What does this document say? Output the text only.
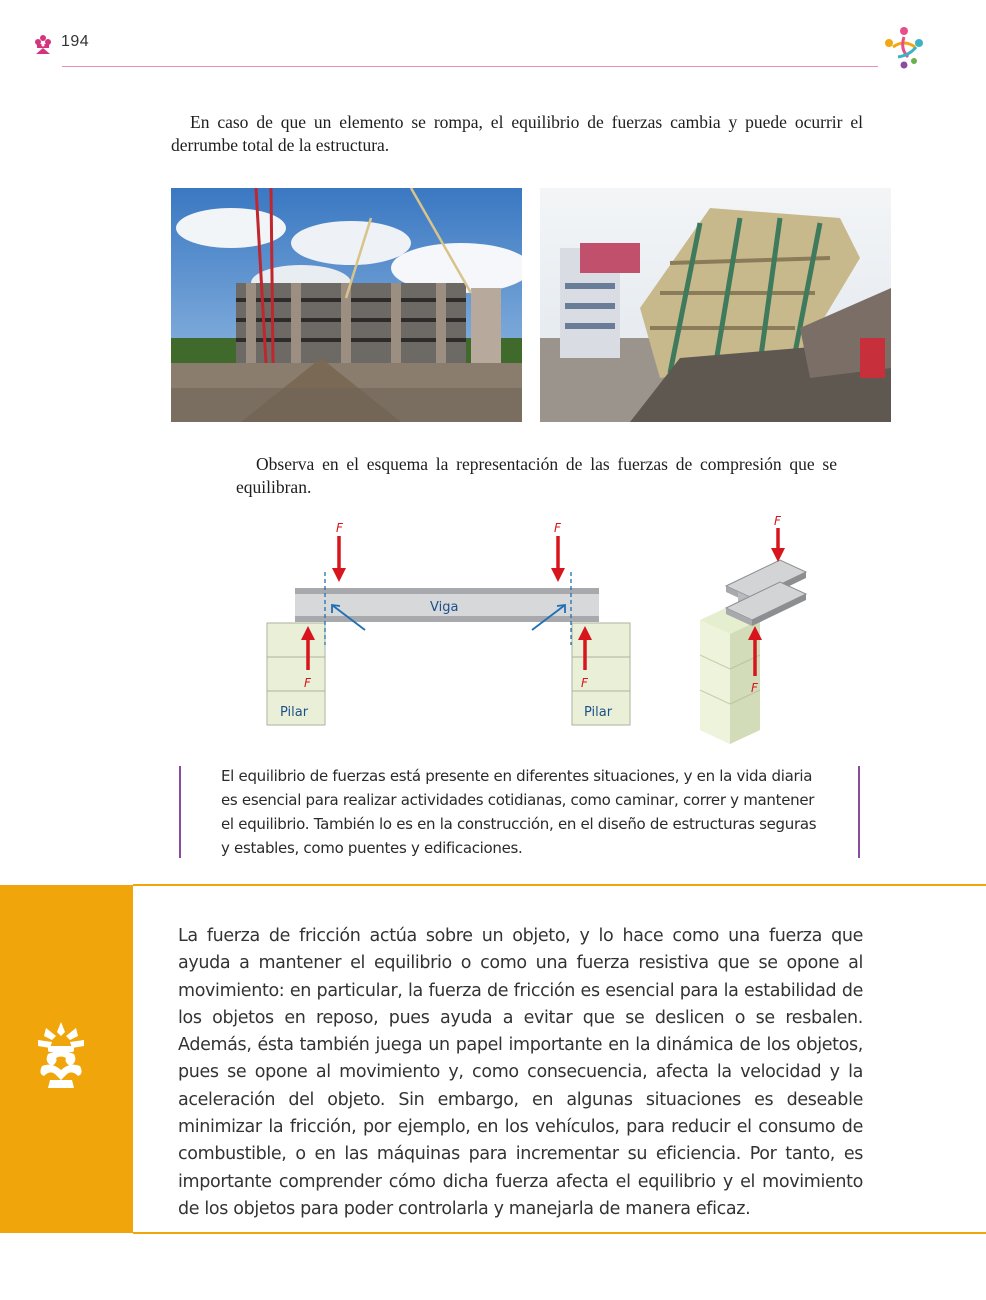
194

En caso de que un elemento se rompa, el equilibrio de fuerzas cambia y puede ocurrir el derrumbe total de la estructura.

Observa en el esquema la representación de las fuerzas de compresión que se equilibran.

Pilar	Pilar
Viga
F	F
F	F
F
F

El equilibrio de fuerzas está presente en diferentes situaciones, y en la vida diaria es esencial para realizar actividades cotidianas, como caminar, correr y mantener el equilibrio. También lo es en la construcción, en el diseño de estructuras seguras y estables, como puentes y edificaciones.

La fuerza de fricción actúa sobre un objeto, y lo hace como una fuerza que ayuda a mantener el equilibrio o como una fuerza resistiva que se opone al movimiento: en particular, la fuerza de fricción es esencial para la estabilidad de los objetos en reposo, pues ayuda a evitar que se deslicen o se resbalen. Además, ésta también juega un papel importante en la dinámica de los objetos, pues se opone al movimiento y, como consecuencia, afecta la velocidad y la aceleración del objeto. Sin embargo, en algunas situaciones es deseable minimizar la fricción, por ejemplo, en los vehículos, para reducir el consumo de combustible, o en las máquinas para incrementar su eficiencia. Por tanto, es importante comprender cómo dicha fuerza afecta el equilibrio y el movimiento de los objetos para poder controlarla y manejarla de manera eficaz.
